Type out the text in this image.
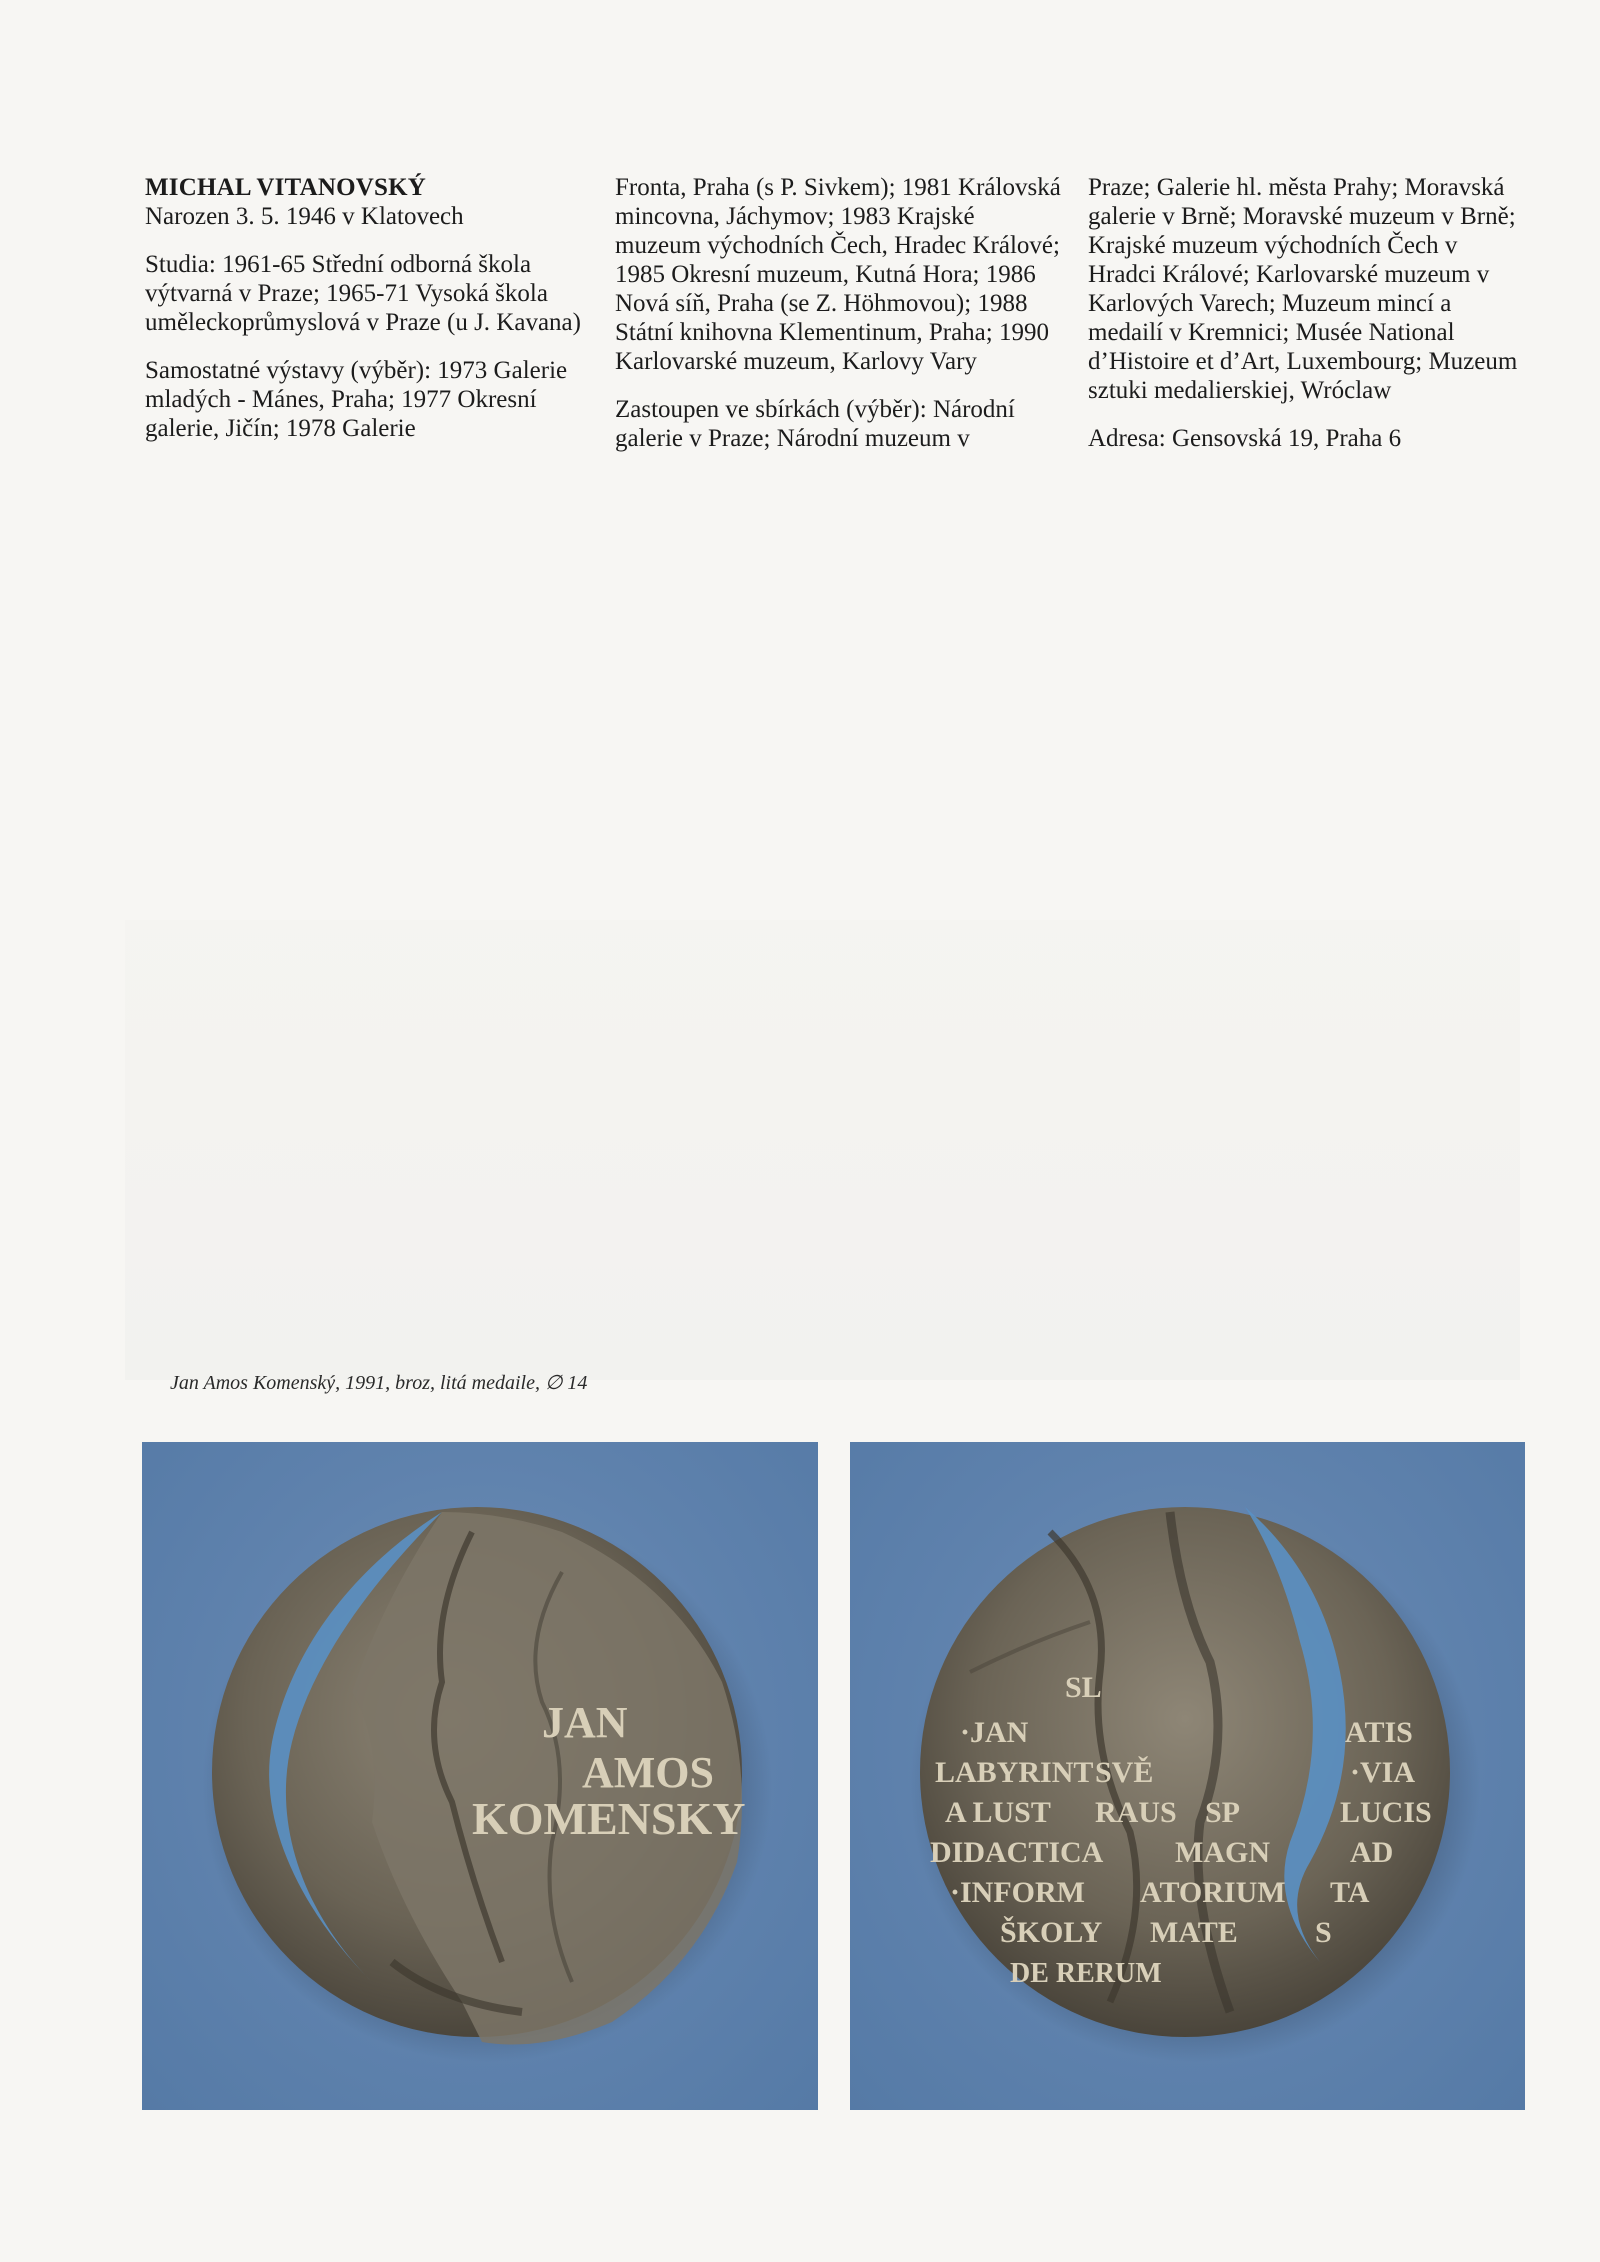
MICHAL VITANOVSKÝ
Narozen 3. 5. 1946 v Klatovech

Studia: 1961-65 Střední odborná škola výtvarná v Praze; 1965-71 Vysoká škola uměleckoprůmyslová v Praze (u J. Kavana)

Samostatné výstavy (výběr): 1973 Galerie mladých - Mánes, Praha; 1977 Okresní galerie, Jičín; 1978 Galerie

Fronta, Praha (s P. Sivkem); 1981 Královská mincovna, Jáchymov; 1983 Krajské muzeum východních Čech, Hradec Králové; 1985 Okresní muzeum, Kutná Hora; 1986 Nová síň, Praha (se Z. Höhmovou); 1988 Státní knihovna Klementinum, Praha; 1990 Karlovarské muzeum, Karlovy Vary

Zastoupen ve sbírkách (výběr): Národní galerie v Praze; Národní muzeum v

Praze; Galerie hl. města Prahy; Moravská galerie v Brně; Moravské muzeum v Brně; Krajské muzeum východních Čech v Hradci Králové; Karlovarské muzeum v Karlových Varech; Muzeum mincí a medailí v Kremnici; Musée National d’Histoire et d’Art, Luxembourg; Muzeum sztuki medalierskiej, Wróclaw

Adresa: Gensovská 19, Praha 6

Jan Amos Komenský, 1991, broz, litá medaile, ∅ 14
JAN
AMOS
KOMENSKY
SL
·JAN	ATIS
LABYRINT SVĚ	·VIA
A LUST RAUS SP	LUCIS
DIDACTICA MAGN	AD
·INFORM ATORIUM TA
ŠKOLY MATE	S
DE RERUM
